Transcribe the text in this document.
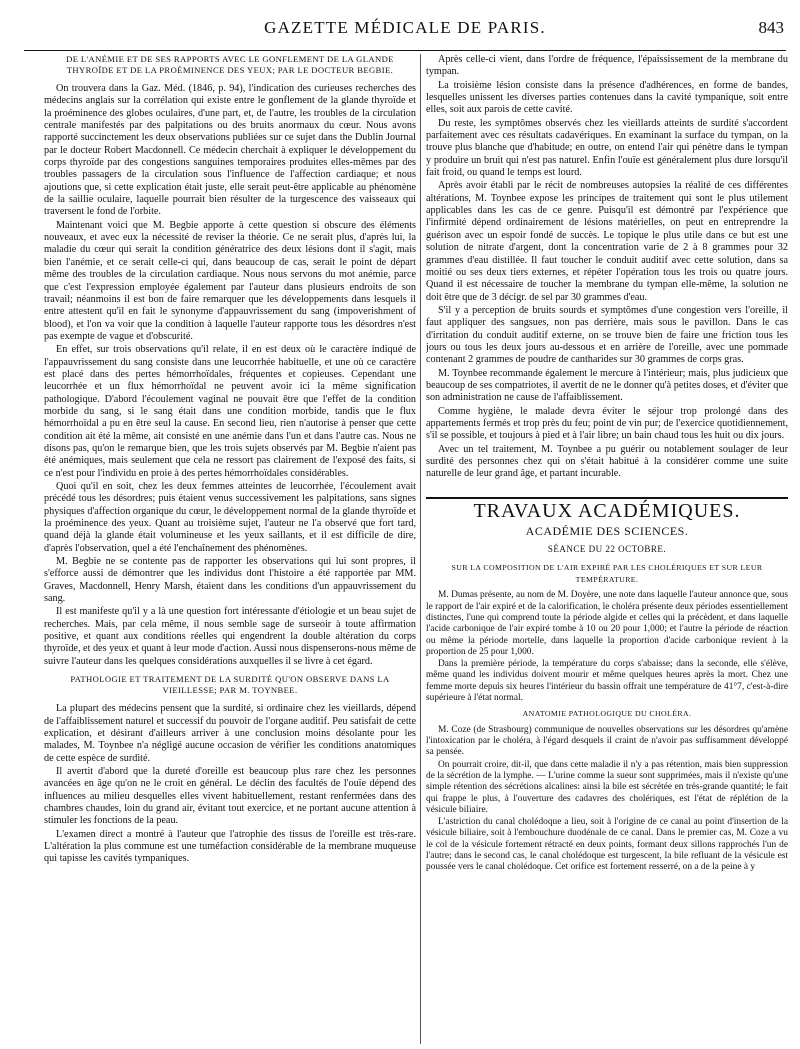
GAZETTE MÉDICALE DE PARIS.	843
DE L'ANÉMIE ET DE SES RAPPORTS AVEC LE GONFLEMENT DE LA GLANDE THYROÏDE ET DE LA PROÉMINENCE DES YEUX; PAR LE DOCTEUR BEGBIE.

On trouvera dans la Gaz. Méd. (1846, p. 94), l'indication des curieuses recherches des médecins anglais sur la corrélation qui existe entre le gonflement de la glande thyroïde et la proéminence des globes oculaires, d'une part, et, de l'autre, les troubles de la circulation centrale manifestés par des palpitations ou des bruits anormaux du cœur. Nous avons rapporté succinctement les deux observations publiées sur ce sujet dans the Dublin Journal par le docteur Robert Macdonnell. Ce médecin cherchait à expliquer le développement du corps thyroïde par des congestions sanguines temporaires produites elles-mêmes par des troubles passagers de la circulation sous l'influence de l'affection cardiaque; et nous ajoutions que, si cette explication était juste, elle serait peut-être applicable au phénomène de la saillie oculaire, laquelle pourrait bien résulter de la turgescence des vaisseaux qui traversent le fond de l'orbite.

Maintenant voici que M. Begbie apporte à cette question si obscure des éléments nouveaux, et avec eux la nécessité de reviser la théorie. Ce ne serait plus, d'après lui, la maladie du cœur qui serait la condition génératrice des deux lésions dont il s'agit, mais bien l'anémie, et ce serait celle-ci qui, dans beaucoup de cas, serait le point de départ même des troubles de la circulation cardiaque. Nous nous servons du mot anémie, parce que c'est l'expression employée également par l'auteur dans plusieurs endroits de son travail; néanmoins il est bon de faire remarquer que les développements dans lesquels il entre attestent qu'il en fait le synonyme d'appauvrissement du sang (impoverishment of blood), et l'on va voir que la condition à laquelle l'auteur rapporte tous les désordres n'est pas exempte de vague et d'obscurité.

En effet, sur trois observations qu'il relate, il en est deux où le caractère indiqué de l'appauvrissement du sang consiste dans une leucorrhée habituelle, et une où ce caractère est placé dans des pertes hémorrhoïdales, fréquentes et copieuses. Cependant une leucorrhée et un flux hémorrhoïdal ne peuvent avoir ici la même signification pathologique. D'abord l'écoulement vaginal ne pouvait être que l'effet de la condition morbide du sang, si le sang était dans une condition morbide, tandis que le flux hémorrhoïdal a pu en être seul la cause. En second lieu, rien n'autorise à penser que cette condition ait été la même, ait consisté en une anémie dans l'un et dans l'autre cas. Nous ne disons pas, qu'on le remarque bien, que les trois sujets observés par M. Begbie n'aient pas été anémiques, mais seulement que cela ne ressort pas clairement de l'exposé des faits, si ce n'est pour l'individu en proie à des pertes hémorrhoïdales considérables.

Quoi qu'il en soit, chez les deux femmes atteintes de leucorrhée, l'écoulement avait précédé tous les désordres; puis étaient venus successivement les palpitations, sans signes physiques d'affection organique du cœur, le développement normal de la glande thyroïde et la proéminence des yeux. Quant au troisième sujet, l'auteur ne l'a observé que fort tard, quand déjà la glande était volumineuse et les yeux saillants, et il est difficile de dire, d'après l'observation, quel a été l'enchaînement des phénomènes.

M. Begbie ne se contente pas de rapporter les observations qui lui sont propres, il s'efforce aussi de démontrer que les individus dont l'histoire a été rapportée par MM. Graves, Macdonnell, Henry Marsh, étaient dans les conditions d'un appauvrissement du sang.

Il est manifeste qu'il y a là une question fort intéressante d'étiologie et un beau sujet de recherches. Mais, par cela même, il nous semble sage de surseoir à toute affirmation positive, et quant aux conditions réelles qui engendrent la double altération du corps thyroïde, et des yeux et quant à leur mode d'action. Aussi nous dispenserons-nous même de suivre l'auteur dans les quelques considérations auxquelles il se livre à cet égard.

PATHOLOGIE ET TRAITEMENT DE LA SURDITÉ QU'ON OBSERVE DANS LA VIEILLESSE; PAR M. TOYNBEE.

La plupart des médecins pensent que la surdité, si ordinaire chez les vieillards, dépend de l'affaiblissement naturel et successif du pouvoir de l'organe auditif. Peu satisfait de cette explication, et désirant d'ailleurs arriver à une conclusion moins désolante pour les malades, M. Toynbee n'a négligé aucune occasion de vérifier les conditions anatomiques de cette espèce de surdité.

Il avertit d'abord que la dureté d'oreille est beaucoup plus rare chez les personnes avancées en âge qu'on ne le croit en général. Le déclin des facultés de l'ouïe dépend des influences au milieu desquelles elles vivent habituellement, restant renfermées dans des chambres chaudes, loin du grand air, évitant tout exercice, et ne portant aucune attention à stimuler les fonctions de la peau.

L'examen direct a montré à l'auteur que l'atrophie des tissus de l'oreille est très-rare. L'altération la plus commune est une tuméfaction considérable de la membrane muqueuse qui tapisse les cavités tympaniques.

Après celle-ci vient, dans l'ordre de fréquence, l'épaississement de la membrane du tympan.

La troisième lésion consiste dans la présence d'adhérences, en forme de bandes, lesquelles unissent les diverses parties contenues dans la cavité tympanique, soit entre elles, soit aux parois de cette cavité.

Du reste, les symptômes observés chez les vieillards atteints de surdité s'accordent parfaitement avec ces résultats cadavériques. En examinant la surface du tympan, on la trouve plus blanche que d'habitude; en outre, on entend l'air qui pénètre dans le tympan y produire un bruit qui n'est pas naturel. Enfin l'ouïe est généralement plus dure lorsqu'il fait froid, ou quand le temps est lourd.

Après avoir établi par le récit de nombreuses autopsies la réalité de ces différentes altérations, M. Toynbee expose les principes de traitement qui sont le plus utilement applicables dans les cas de ce genre. Puisqu'il est démontré par l'expérience que l'infirmité dépend ordinairement de lésions matérielles, on peut en entreprendre la guérison avec un espoir fondé de succès. Le topique le plus utile dans ce but est une solution de nitrate d'argent, dont la concentration varie de 2 à 8 grammes pour 32 grammes d'eau distillée. Il faut toucher le conduit auditif avec cette solution, dans sa moitié ou ses deux tiers externes, et répéter l'opération tous les trois ou quatre jours. Quand il est nécessaire de toucher la membrane du tympan elle-même, la solution ne doit être que de 3 décigr. de sel par 30 grammes d'eau.

S'il y a perception de bruits sourds et symptômes d'une congestion vers l'oreille, il faut appliquer des sangsues, non pas derrière, mais sous le pavillon. Dans le cas d'irritation du conduit auditif externe, on se trouve bien de faire une friction tous les jours ou tous les deux jours au-dessous et en arrière de l'oreille, avec une pommade contenant 2 grammes de poudre de cantharides sur 30 grammes de corps gras.

M. Toynbee recommande également le mercure à l'intérieur; mais, plus judicieux que beaucoup de ses compatriotes, il avertit de ne le donner qu'à petites doses, et d'éviter que son administration ne cause de l'affaiblissement.

Comme hygiène, le malade devra éviter le séjour trop prolongé dans des appartements fermés et trop près du feu; point de vin pur; de l'exercice quotidiennement, s'il se possible, et toujours à pied et à l'air libre; un bain chaud tous les huit ou dix jours.

Avec un tel traitement, M. Toynbee a pu guérir ou notablement soulager de leur surdité des personnes chez qui on s'était habitué à la considérer comme une suite naturelle de leur grand âge, et partant incurable.

TRAVAUX ACADÉMIQUES.
ACADÉMIE DES SCIENCES.
SÉANCE DU 22 OCTOBRE.
SUR LA COMPOSITION DE L'AIR EXPIRÉ PAR LES CHOLÉRIQUES ET SUR LEUR TEMPÉRATURE.

M. Dumas présente, au nom de M. Doyère, une note dans laquelle l'auteur annonce que, sous le rapport de l'air expiré et de la calorification, le choléra présente deux périodes essentiellement distinctes, l'une qui comprend toute la période algide et celles qui la précèdent, et dans laquelle l'acide carbonique de l'air expiré tombe à 10 ou 20 pour 1,000; et l'autre la période de réaction ou même la période mortelle, dans laquelle la proportion d'acide carbonique revient à la proportion de 25 pour 1,000.

Dans la première période, la température du corps s'abaisse; dans la seconde, elle s'élève, même quand les individus doivent mourir et même quelques heures après la mort. Chez une femme morte depuis six heures l'intérieur du bassin offrait une température de 41°7, c'est-à-dire supérieure à l'état normal.

ANATOMIE PATHOLOGIQUE DU CHOLÉRA.

M. Coze (de Strasbourg) communique de nouvelles observations sur les désordres qu'amène l'intoxication par le choléra, à l'égard desquels il craint de n'avoir pas suffisamment développé sa pensée.

On pourrait croire, dit-il, que dans cette maladie il n'y a pas rétention, mais bien suppression de la sécrétion de la lymphe. — L'urine comme la sueur sont supprimées, mais il n'existe qu'une simple rétention des sécrétions alcalines: ainsi la bile est sécrétée en très-grande quantité; le fait qui frappe le plus, à l'ouverture des cadavres des cholériques, est l'état de réplétion de la vésicule biliaire.

L'astriction du canal cholédoque a lieu, soit à l'origine de ce canal au point d'insertion de la vésicule biliaire, soit à l'embouchure duodénale de ce canal. Dans le premier cas, M. Coze a vu le col de la vésicule fortement rétracté en deux points, formant deux sillons rapprochés l'un de l'autre; dans le second cas, le canal cholédoque est turgescent, la bile refluant de la vésicule est poussée vers le canal cholédoque. Cet orifice est fortement resserré, on a de la peine à y
